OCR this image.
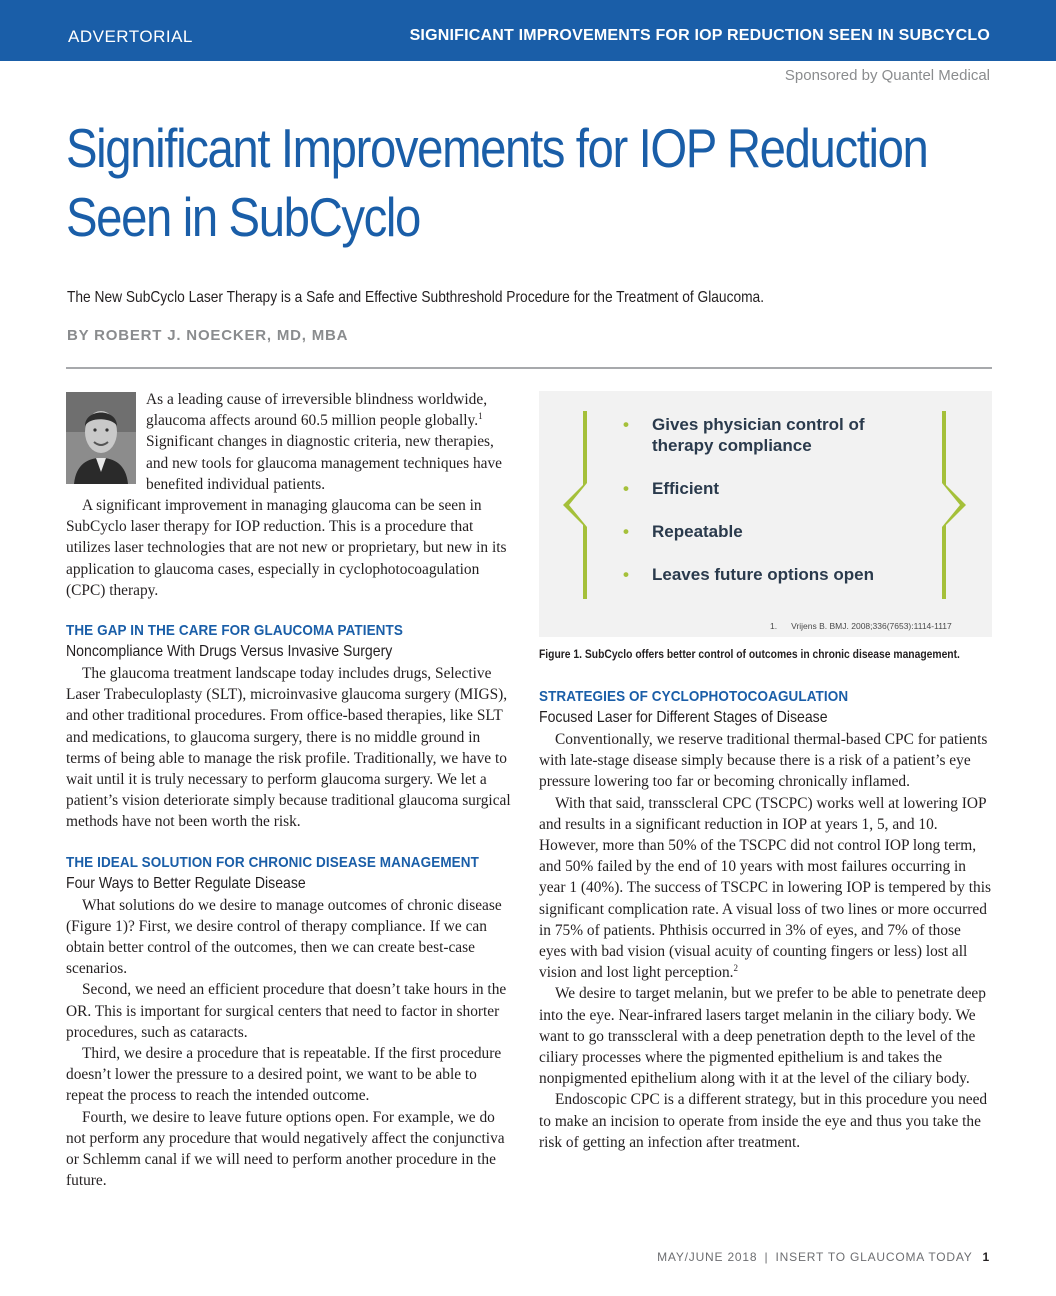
ADVERTORIAL	SIGNIFICANT IMPROVEMENTS FOR IOP REDUCTION SEEN IN SUBCYCLO
Sponsored by Quantel Medical
Significant Improvements for IOP Reduction
Seen in SubCyclo
The New SubCyclo Laser Therapy is a Safe and Effective Subthreshold Procedure for the Treatment of Glaucoma.
BY ROBERT J. NOECKER, MD, MBA

As a leading cause of irreversible blindness worldwide, glaucoma affects around 60.5 million people globally.$^1$ Significant changes in diagnostic criteria, new therapies, and new tools for glaucoma management techniques have benefited individual patients.

A significant improvement in managing glaucoma can be seen in SubCyclo laser therapy for IOP reduction. This is a procedure that utilizes laser technologies that are not new or proprietary, but new in its application to glaucoma cases, especially in cyclophotocoagulation (CPC) therapy.

THE GAP IN THE CARE FOR GLAUCOMA PATIENTS
Noncompliance With Drugs Versus Invasive Surgery

The glaucoma treatment landscape today includes drugs, Selective Laser Trabeculoplasty (SLT), microinvasive glaucoma surgery (MIGS), and other traditional procedures. From office-based therapies, like SLT and medications, to glaucoma surgery, there is no middle ground in terms of being able to manage the risk profile. Traditionally, we have to wait until it is truly necessary to perform glaucoma surgery. We let a patient’s vision deteriorate simply because traditional glaucoma surgical methods have not been worth the risk.

THE IDEAL SOLUTION FOR CHRONIC DISEASE MANAGEMENT
Four Ways to Better Regulate Disease

What solutions do we desire to manage outcomes of chronic disease (Figure 1)? First, we desire control of therapy compliance. If we can obtain better control of the outcomes, then we can create best-case scenarios.

Second, we need an efficient procedure that doesn’t take hours in the OR. This is important for surgical centers that need to factor in shorter procedures, such as cataracts.

Third, we desire a procedure that is repeatable. If the first procedure doesn’t lower the pressure to a desired point, we want to be able to repeat the process to reach the intended outcome.

Fourth, we desire to leave future options open. For example, we do not perform any procedure that would negatively affect the conjunctiva or Schlemm canal if we will need to perform another procedure in the future.

• Gives physician control of therapy compliance
• Efficient
• Repeatable
• Leaves future options open
1. Vrijens B. BMJ. 2008;336(7653):1114-1117
Figure 1. SubCyclo offers better control of outcomes in chronic disease management.
STRATEGIES OF CYCLOPHOTOCOAGULATION
Focused Laser for Different Stages of Disease

Conventionally, we reserve traditional thermal-based CPC for patients with late-stage disease simply because there is a risk of a patient’s eye pressure lowering too far or becoming chronically inflamed.

With that said, transscleral CPC (TSCPC) works well at lowering IOP and results in a significant reduction in IOP at years 1, 5, and 10. However, more than 50% of the TSCPC did not control IOP long term, and 50% failed by the end of 10 years with most failures occurring in year 1 (40%). The success of TSCPC in lowering IOP is tempered by this significant complication rate. A visual loss of two lines or more occurred in 75% of patients. Phthisis occurred in 3% of eyes, and 7% of those eyes with bad vision (visual acuity of counting fingers or less) lost all vision and lost light perception.$^2$

We desire to target melanin, but we prefer to be able to penetrate deep into the eye. Near-infrared lasers target melanin in the ciliary body. We want to go transscleral with a deep penetration depth to the level of the ciliary processes where the pigmented epithelium is and takes the nonpigmented epithelium along with it at the level of the ciliary body.

Endoscopic CPC is a different strategy, but in this procedure you need to make an incision to operate from inside the eye and thus you take the risk of getting an infection after treatment.

MAY/JUNE 2018 | INSERT TO GLAUCOMA TODAY 1
